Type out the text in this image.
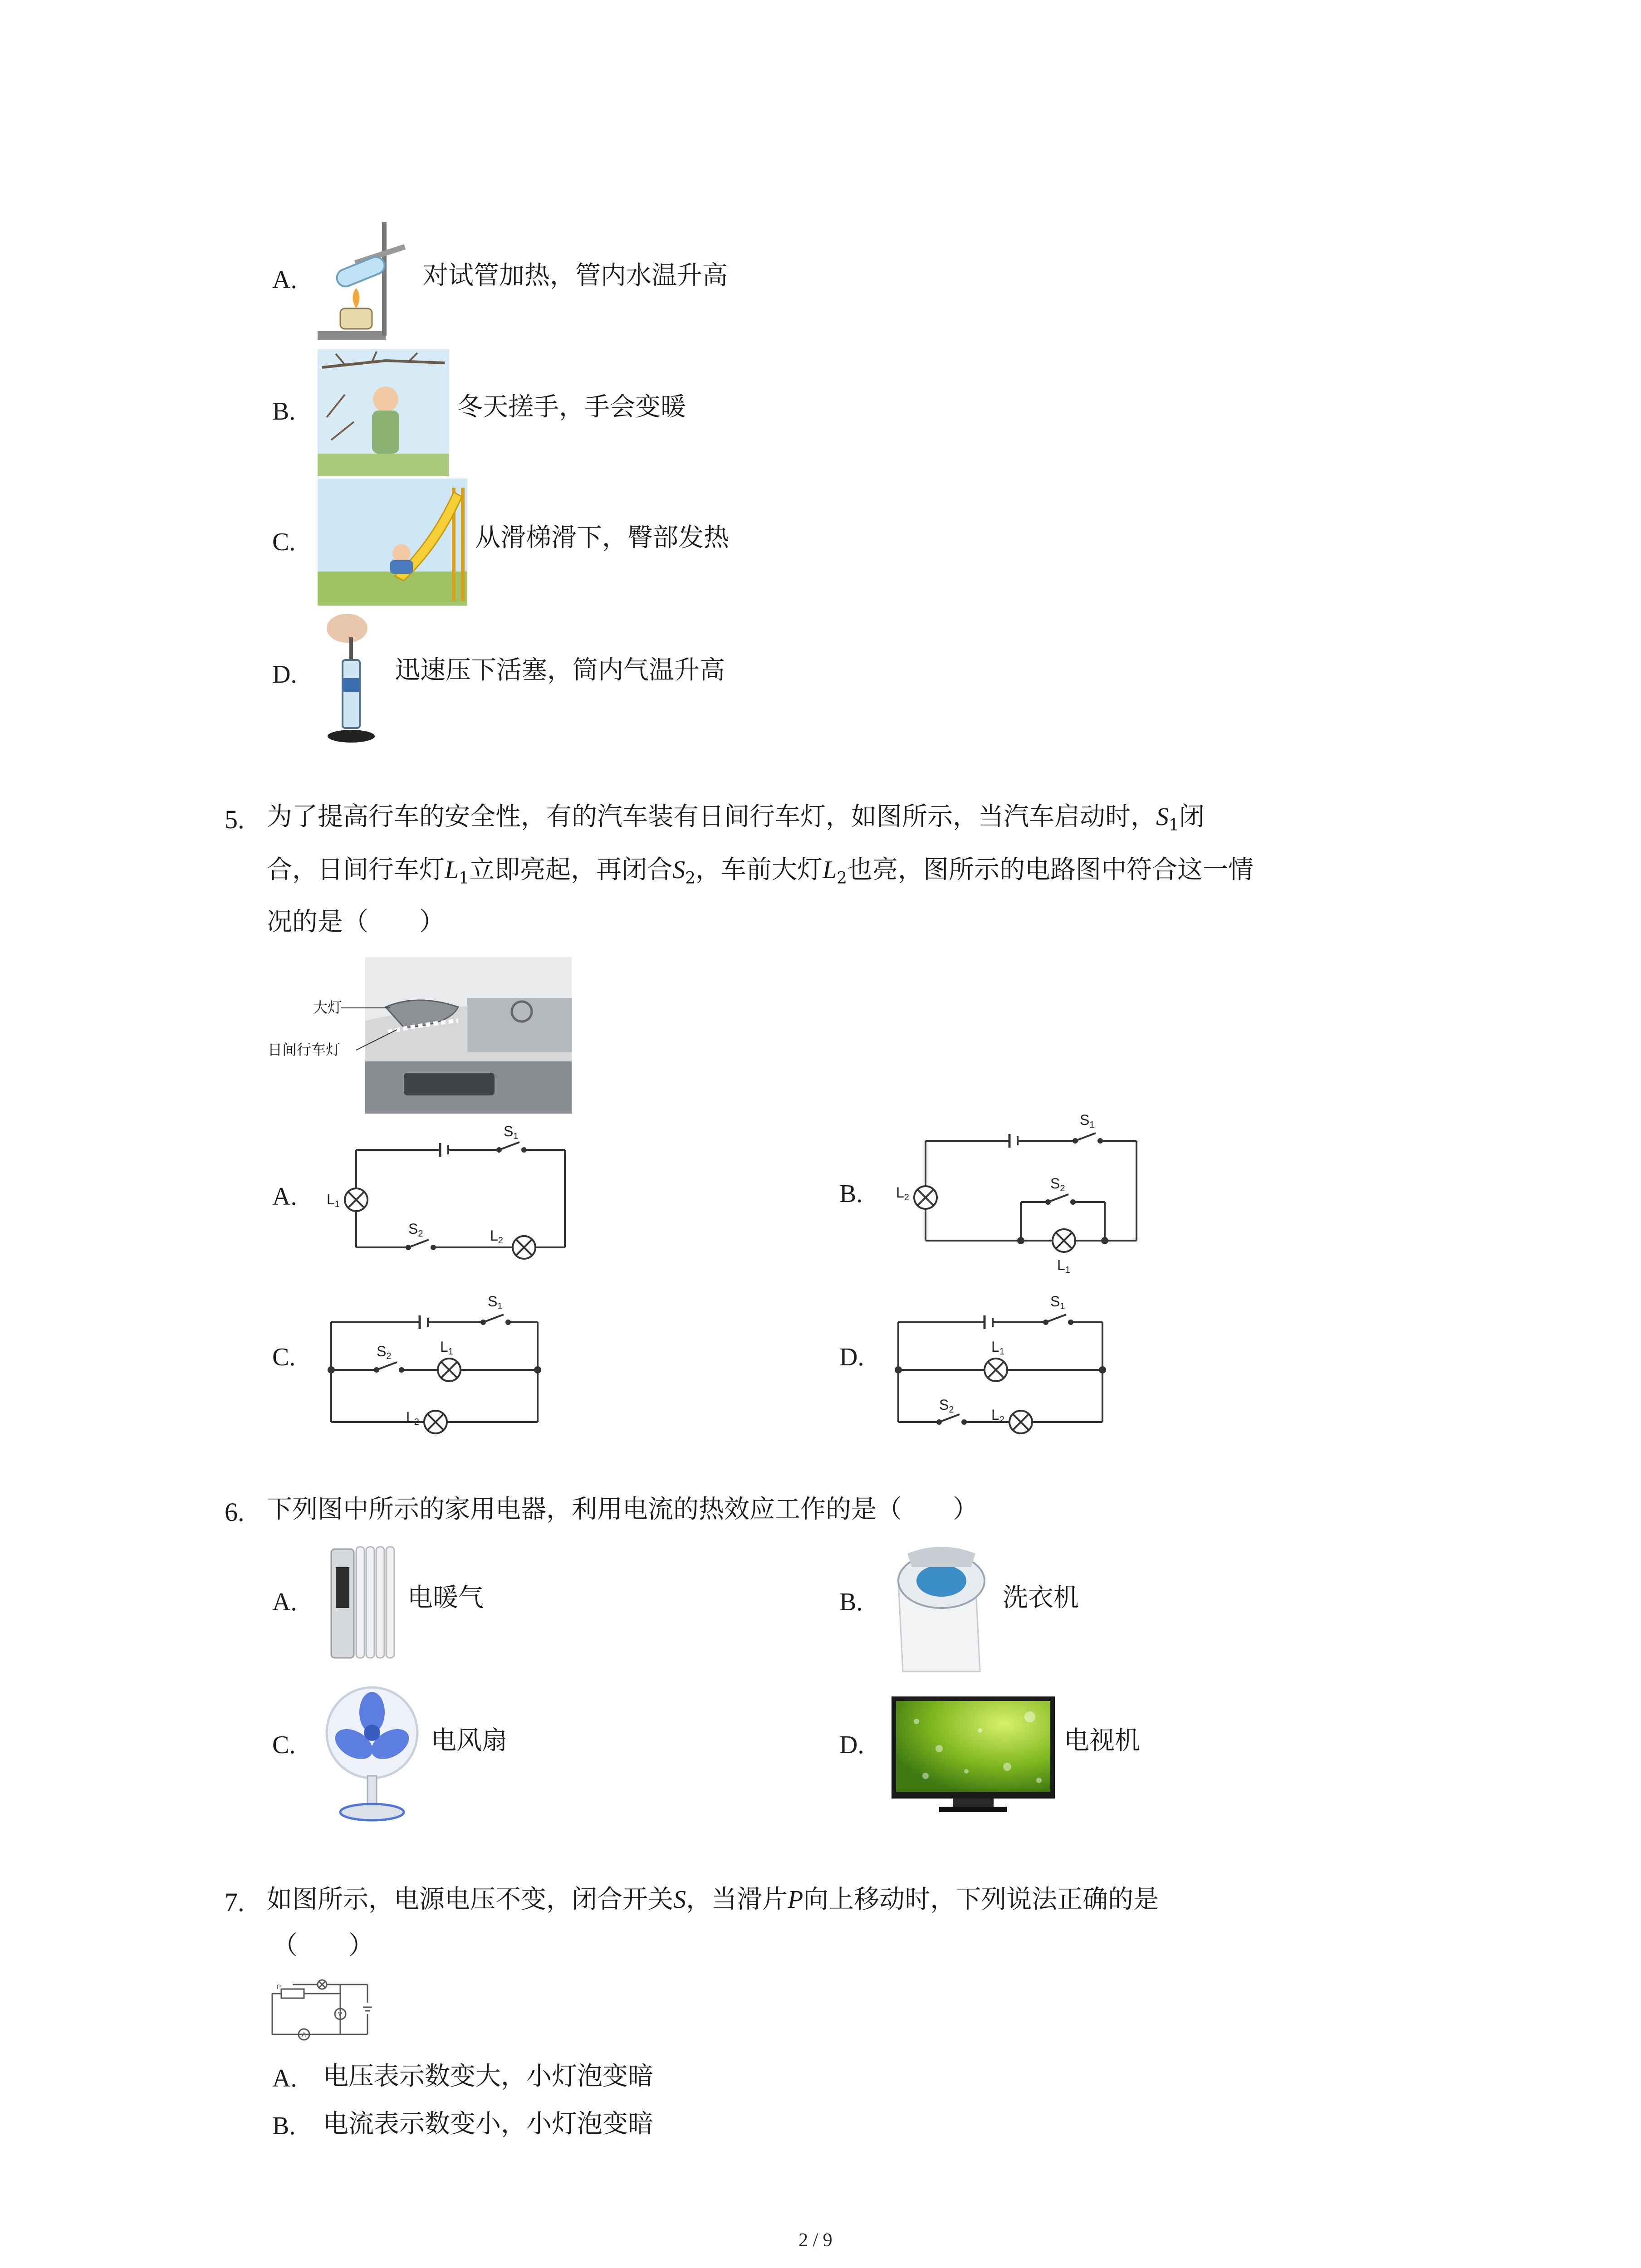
A.	对试管加热，管内水温升高
B.	冬天搓手，手会变暖
C.	从滑梯滑下，臀部发热
D.	迅速压下活塞，筒内气温升高
5. 为了提高行车的安全性，有的汽车装有日间行车灯，如图所示，当汽车启动时，$S_1$闭
合，日间行车灯$L_1$立即亮起，再闭合$S_2$，车前大灯$L_2$也亮，图所示的电路图中符合这一情
况的是（　　）
大灯
日间行车灯
A.
S1
L1
S2	L2
B.
S1
L2
S2
L1
C.
S1
S2
L1
L2
D.
S1
L1
S2	L2
6. 下列图中所示的家用电器，利用电流的热效应工作的是（　　）
A.	电暖气	B.	洗衣机
C.	电风扇	D.	电视机
7. 如图所示，电源电压不变，闭合开关S，当滑片P向上移动时，下列说法正确的是
（　　）
P
V
A
A. 电压表示数变大，小灯泡变暗
B. 电流表示数变小，小灯泡变暗
2 / 9
